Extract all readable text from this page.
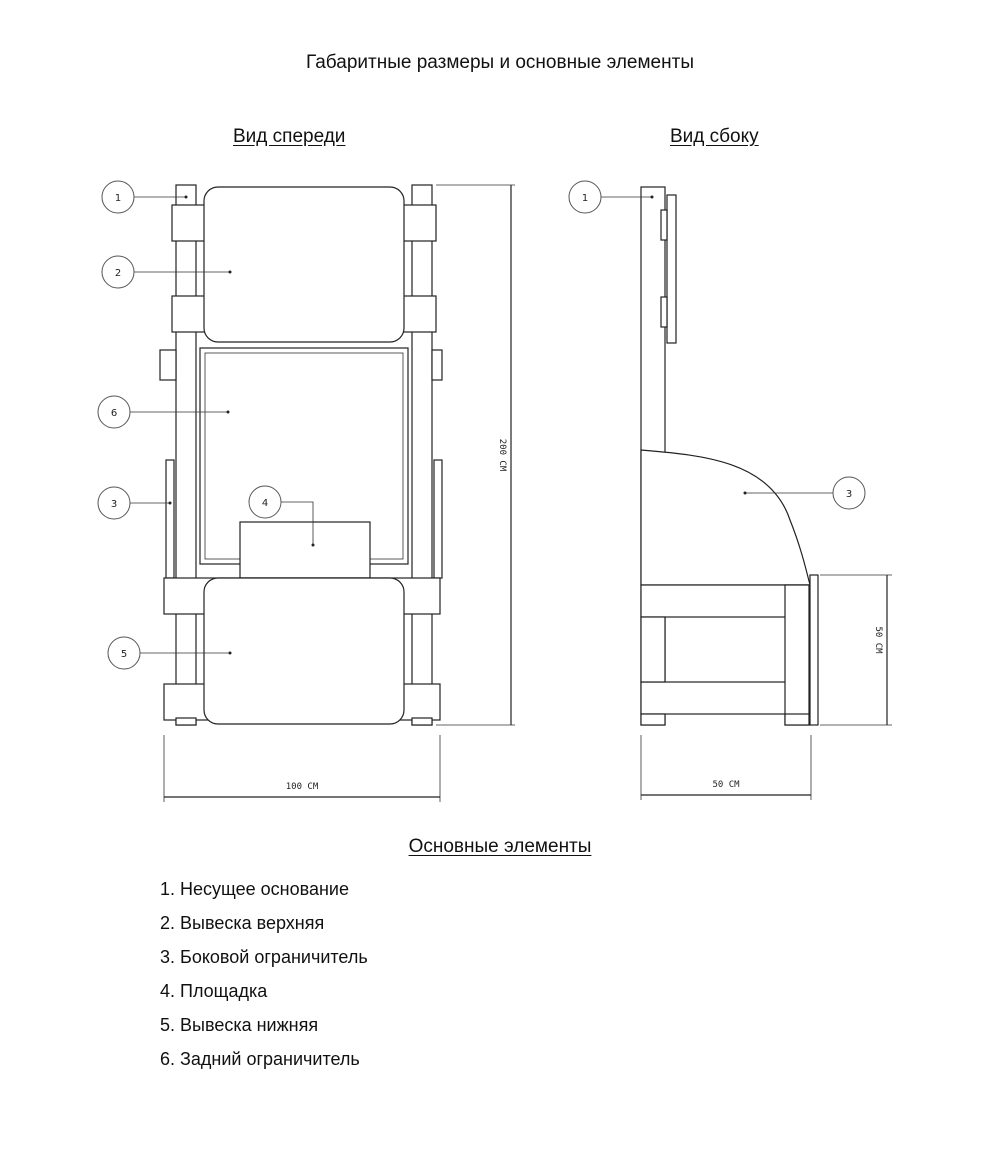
Габаритные размеры и основные элементы
Вид спереди	Вид сбоку
200 СМ
100 СМ
1
2
6
3	4
5
50 СМ
50 СМ
1
3
Основные элементы
1. Несущее основание
2. Вывеска верхняя
3. Боковой ограничитель
4. Площадка
5. Вывеска нижняя
6. Задний ограничитель
